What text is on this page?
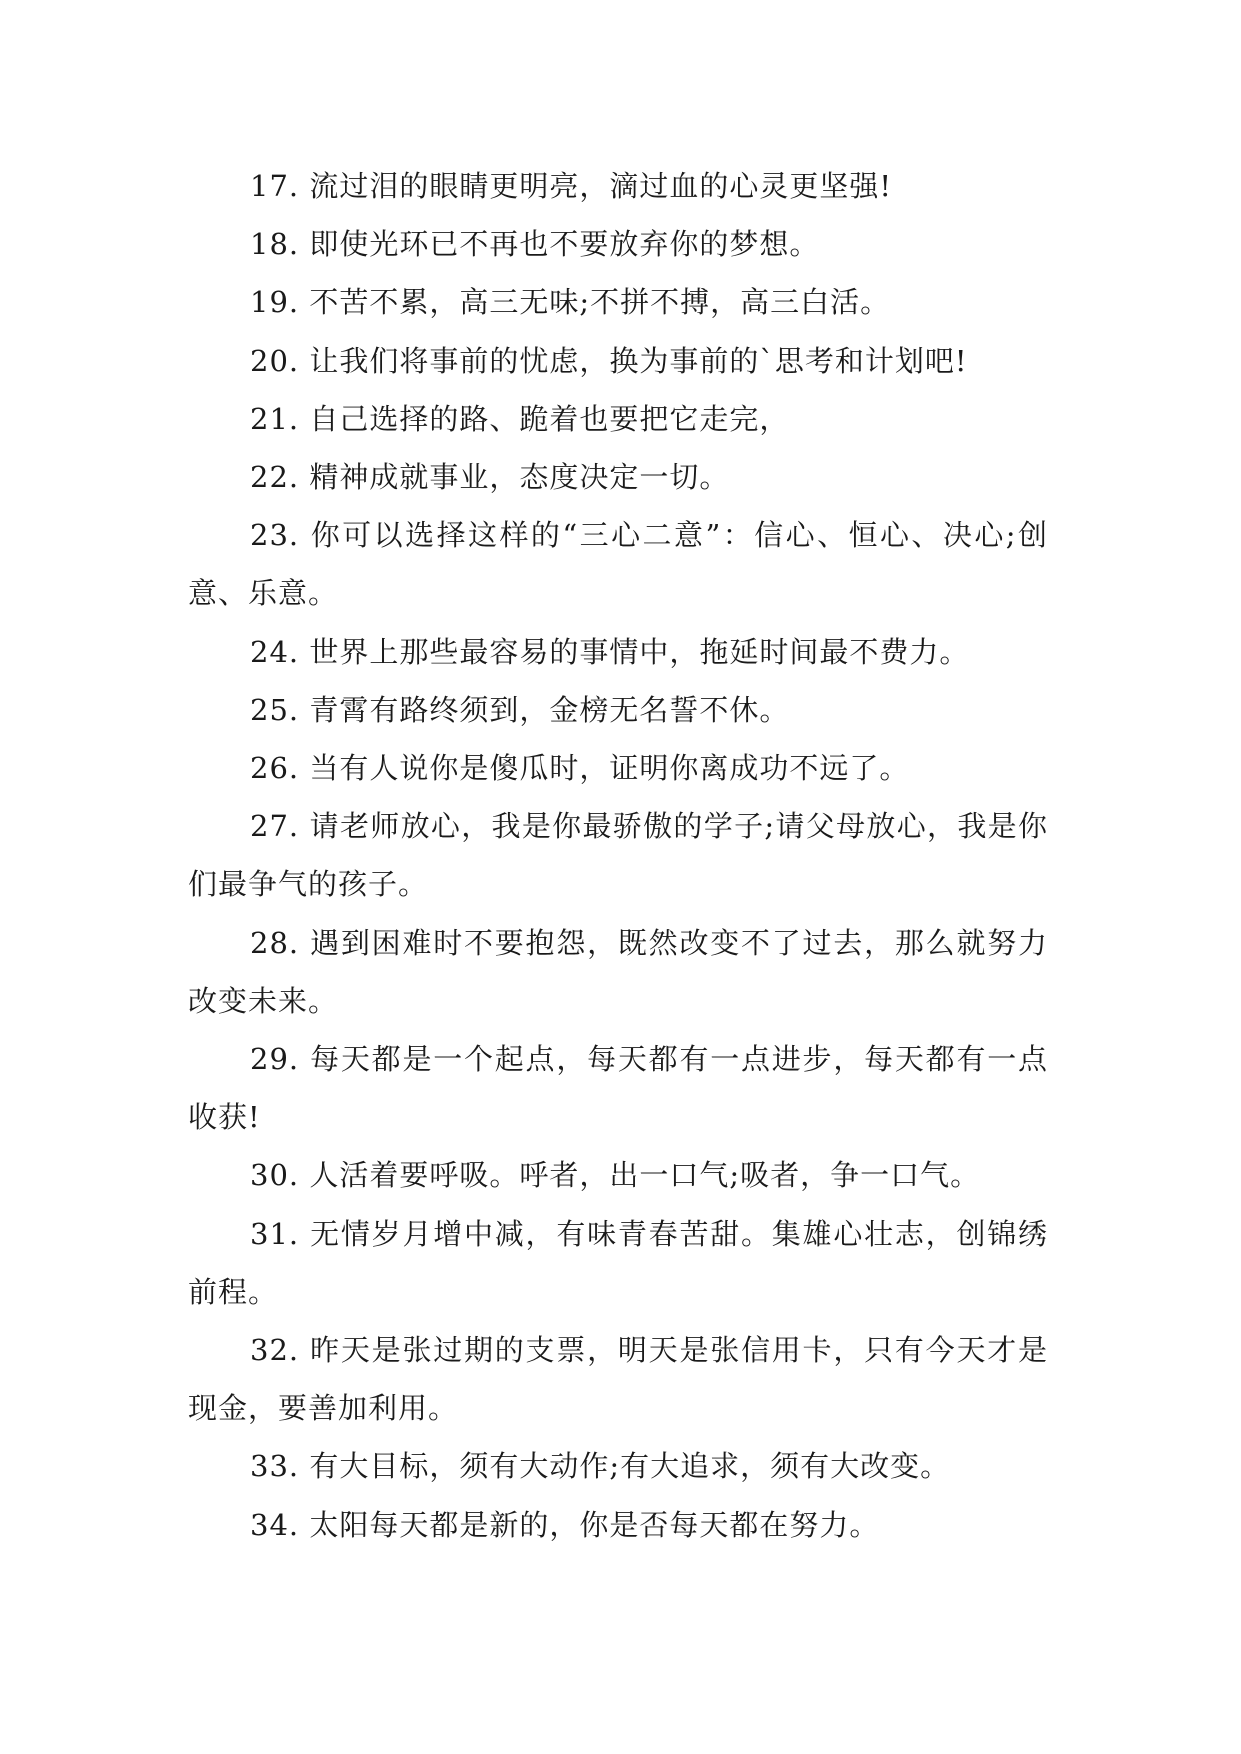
17. 流过泪的眼睛更明亮，滴过血的心灵更坚强!

18. 即使光环已不再也不要放弃你的梦想。

19. 不苦不累，高三无味;不拼不搏，高三白活。

20. 让我们将事前的忧虑，换为事前的`思考和计划吧!

21. 自己选择的路、跪着也要把它走完，

22. 精神成就事业，态度决定一切。

23. 你可以选择这样的“三心二意”：信心、恒心、决心;创意、乐意。

24. 世界上那些最容易的事情中，拖延时间最不费力。

25. 青霄有路终须到，金榜无名誓不休。

26. 当有人说你是傻瓜时，证明你离成功不远了。

27. 请老师放心，我是你最骄傲的学子;请父母放心，我是你们最争气的孩子。

28. 遇到困难时不要抱怨，既然改变不了过去，那么就努力改变未来。

29. 每天都是一个起点，每天都有一点进步，每天都有一点收获!

30. 人活着要呼吸。呼者，出一口气;吸者，争一口气。

31. 无情岁月增中减，有味青春苦甜。集雄心壮志，创锦绣前程。

32. 昨天是张过期的支票，明天是张信用卡，只有今天才是现金，要善加利用。

33. 有大目标，须有大动作;有大追求，须有大改变。

34. 太阳每天都是新的，你是否每天都在努力。
